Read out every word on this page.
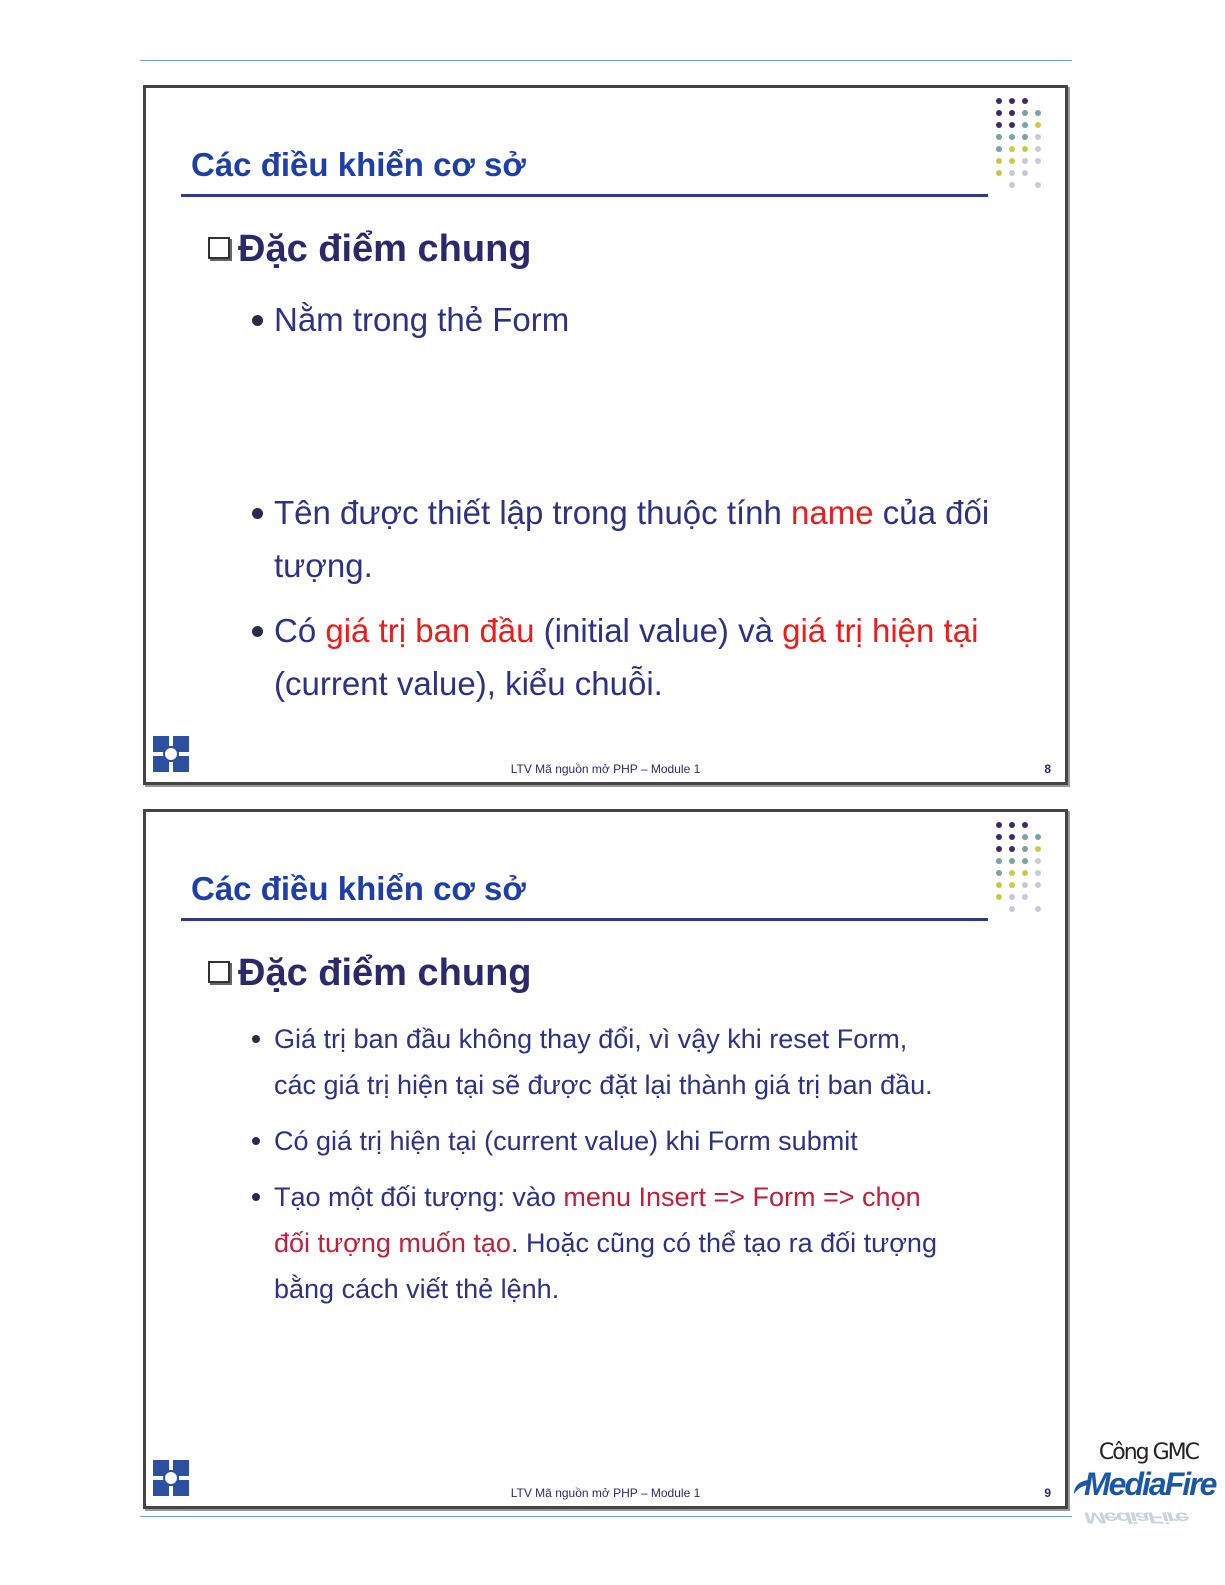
Các điều khiển cơ sở
Đặc điểm chung
Nằm trong thẻ Form
Tên được thiết lập trong thuộc tính name của đối tượng.
Có giá trị ban đầu (initial value) và giá trị hiện tại (current value), kiểu chuỗi.
LTV Mã nguồn mở PHP – Module 1	8
Các điều khiển cơ sở
Đặc điểm chung
Giá trị ban đầu không thay đổi, vì vậy khi reset Form, các giá trị hiện tại sẽ được đặt lại thành giá trị ban đầu.
Có giá trị hiện tại (current value) khi Form submit
Tạo một đối tượng: vào menu Insert => Form => chọn đối tượng muốn tạo. Hoặc cũng có thể tạo ra đối tượng bằng cách viết thẻ lệnh.
LTV Mã nguồn mở PHP – Module 1	9
Công GMC
MediaFire
MediaFire
